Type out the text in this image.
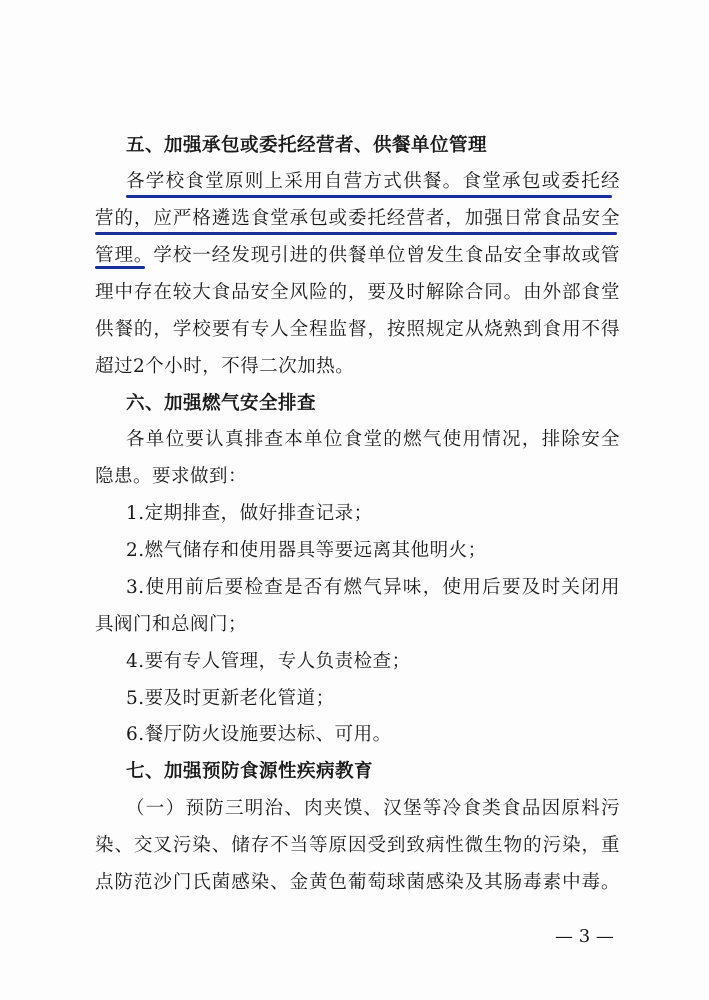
五、加强承包或委托经营者、供餐单位管理

各学校食堂原则上采用自营方式供餐。食堂承包或委托经

营的，应严格遴选食堂承包或委托经营者，加强日常食品安全

管理。学校一经发现引进的供餐单位曾发生食品安全事故或管

理中存在较大食品安全风险的，要及时解除合同。由外部食堂

供餐的，学校要有专人全程监督，按照规定从烧熟到食用不得

超过2个小时，不得二次加热。

六、加强燃气安全排查

各单位要认真排查本单位食堂的燃气使用情况，排除安全

隐患。要求做到：

1.定期排查，做好排查记录；

2.燃气储存和使用器具等要远离其他明火；

3.使用前后要检查是否有燃气异味，使用后要及时关闭用

具阀门和总阀门；

4.要有专人管理，专人负责检查；

5.要及时更新老化管道；

6.餐厅防火设施要达标、可用。

七、加强预防食源性疾病教育

（一）预防三明治、肉夹馍、汉堡等冷食类食品因原料污

染、交叉污染、储存不当等原因受到致病性微生物的污染，重

点防范沙门氏菌感染、金黄色葡萄球菌感染及其肠毒素中毒。

— 3 —
